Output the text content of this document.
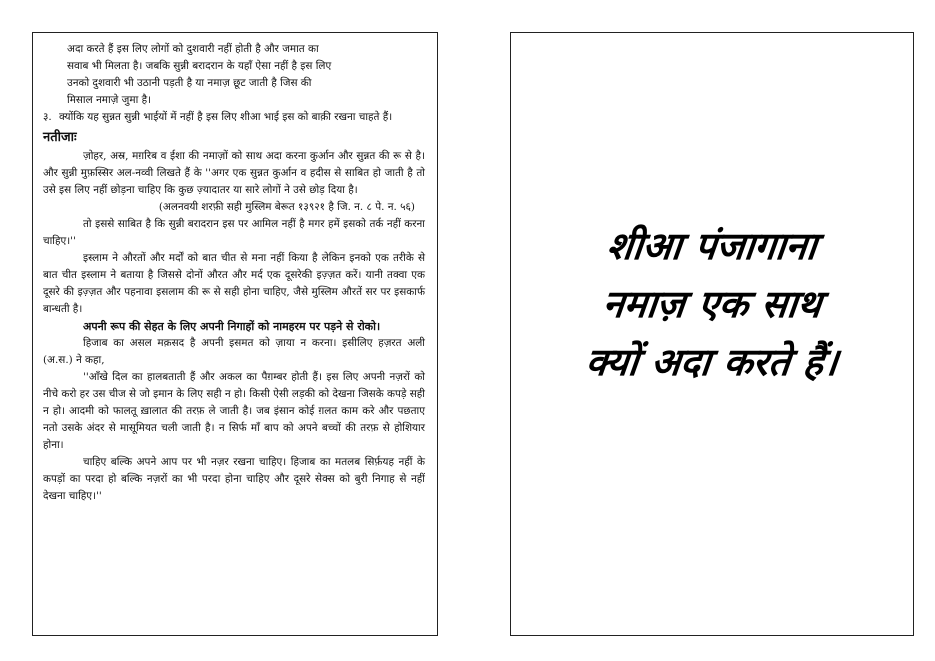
अदा करते हैं इस लिए लोगों को दुशवारी नहीं होती है और जमात का

सवाब भी मिलता है। जबकि सुन्नी बरादरान के यहाँ ऐसा नहीं है इस लिए

उनको दुशवारी भी उठानी पड़ती है या नमाज़ छूट जाती है जिस की

मिसाल नमाज़े जुमा है।

३. क्योंकि यह सुन्नत सुन्नी भाईयों में नहीं है इस लिए शीआ भाई इस को बाक़ी रखना चाहते हैं।

नतीजाः

ज़ोहर, अस्र, मग़रिब व ईशा की नमाज़ों को साथ अदा करना कुर्आन और सुन्नत की रू से है। और सुन्नी मुफ़स्सिर अल-नव्वी लिखते हैं के ''अगर एक सुन्नत कुर्आन व हदीस से साबित हो जाती है तो उसे इस लिए नहीं छोड़ना चाहिए कि कुछ ज़्यादातर या सारे लोगों ने उसे छोड़ दिया है।

(अलनवयी शरफ़ी सही मुस्लिम बेरूत १३९२१ है जि. न. ८ पे. न. ५६)

तो इससे साबित है कि सुन्नी बरादरान इस पर आमिल नहीं है मगर हमें इसको तर्क नहीं करना चाहिए।''

इस्लाम ने औरतों और मर्दों को बात चीत से मना नहीं किया है लेकिन इनको एक तरीके से बात चीत इस्लाम ने बताया है जिससे दोनों औरत और मर्द एक दूसरेकी इज़्ज़त करें। यानी तक्वा एक दूसरे की इज़्ज़त और पहनावा इसलाम की रू से सही होना चाहिए, जैसे मुस्लिम औरतें सर पर इसकार्फ बान्धती है।

अपनी रूप की सेहत के लिए अपनी निगाहों को नामहरम पर पड़ने से रोको।

हिजाब का असल मक़सद है अपनी इसमत को ज़ाया न करना। इसीलिए हज़रत अली (अ.स.) ने कहा,

''आँखे दिल का हालबताती हैं और अकल का पैग़म्बर होती हैं। इस लिए अपनी नज़रों को नीचे करो हर उस चीज से जो इमान के लिए सही न हो। किसी ऐसी लड़की को देखना जिसके कपड़े सही न हो। आदमी को फालतू ख़ालात की तरफ़ ले जाती है। जब इंसान कोई ग़लत काम करे और पछताए नतो उसके अंदर से मासूमियत चली जाती है। न सिर्फ माँ बाप को अपने बच्चों की तरफ़ से होशियार होना।

चाहिए बल्कि अपने आप पर भी नज़र रखना चाहिए। हिजाब का मतलब सिर्फ़यह नहीं के कपड़ों का परदा हो बल्कि नज़रों का भी परदा होना चाहिए और दूसरे सेक्स को बुरी निगाह से नहीं देखना चाहिए।''

शीआ पंजागाना
नमाज़ एक साथ
क्यों अदा करते हैं।
